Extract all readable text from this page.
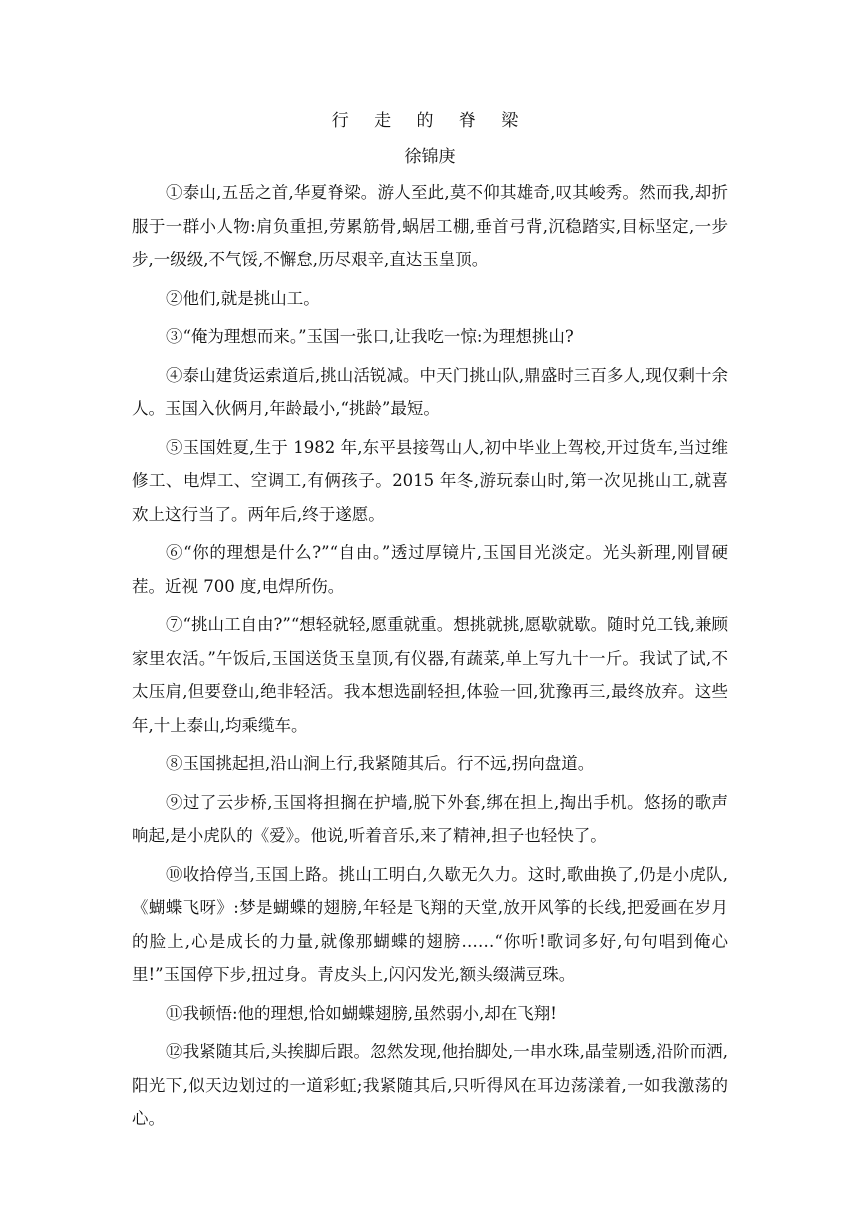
行 走 的 脊 梁
徐锦庚

①泰山,五岳之首,华夏脊梁。游人至此,莫不仰其雄奇,叹其峻秀。然而我,却折服于一群小人物:肩负重担,劳累筋骨,蜗居工棚,垂首弓背,沉稳踏实,目标坚定,一步步,一级级,不气馁,不懈怠,历尽艰辛,直达玉皇顶。

②他们,就是挑山工。

③“俺为理想而来。”玉国一张口,让我吃一惊:为理想挑山?

④泰山建货运索道后,挑山活锐减。中天门挑山队,鼎盛时三百多人,现仅剩十余人。玉国入伙俩月,年龄最小,“挑龄”最短。

⑤玉国姓夏,生于 1982 年,东平县接驾山人,初中毕业上驾校,开过货车,当过维修工、电焊工、空调工,有俩孩子。2015 年冬,游玩泰山时,第一次见挑山工,就喜欢上这行当了。两年后,终于遂愿。

⑥“你的理想是什么?”“自由。”透过厚镜片,玉国目光淡定。光头新理,刚冒硬茬。近视 700 度,电焊所伤。

⑦“挑山工自由?”“想轻就轻,愿重就重。想挑就挑,愿歇就歇。随时兑工钱,兼顾家里农活。”午饭后,玉国送货玉皇顶,有仪器,有蔬菜,单上写九十一斤。我试了试,不太压肩,但要登山,绝非轻活。我本想选副轻担,体验一回,犹豫再三,最终放弃。这些年,十上泰山,均乘缆车。

⑧玉国挑起担,沿山涧上行,我紧随其后。行不远,拐向盘道。

⑨过了云步桥,玉国将担搁在护墙,脱下外套,绑在担上,掏出手机。悠扬的歌声响起,是小虎队的《爱》。他说,听着音乐,来了精神,担子也轻快了。

⑩收拾停当,玉国上路。挑山工明白,久歇无久力。这时,歌曲换了,仍是小虎队,《蝴蝶飞呀》:梦是蝴蝶的翅膀,年轻是飞翔的天堂,放开风筝的长线,把爱画在岁月的脸上,心是成长的力量,就像那蝴蝶的翅膀……“你听!歌词多好,句句唱到俺心里!”玉国停下步,扭过身。青皮头上,闪闪发光,额头缀满豆珠。

⑪我顿悟:他的理想,恰如蝴蝶翅膀,虽然弱小,却在飞翔!

⑫我紧随其后,头挨脚后跟。忽然发现,他抬脚处,一串水珠,晶莹剔透,沿阶而洒,阳光下,似天边划过的一道彩虹;我紧随其后,只听得风在耳边荡漾着,一如我激荡的心。
